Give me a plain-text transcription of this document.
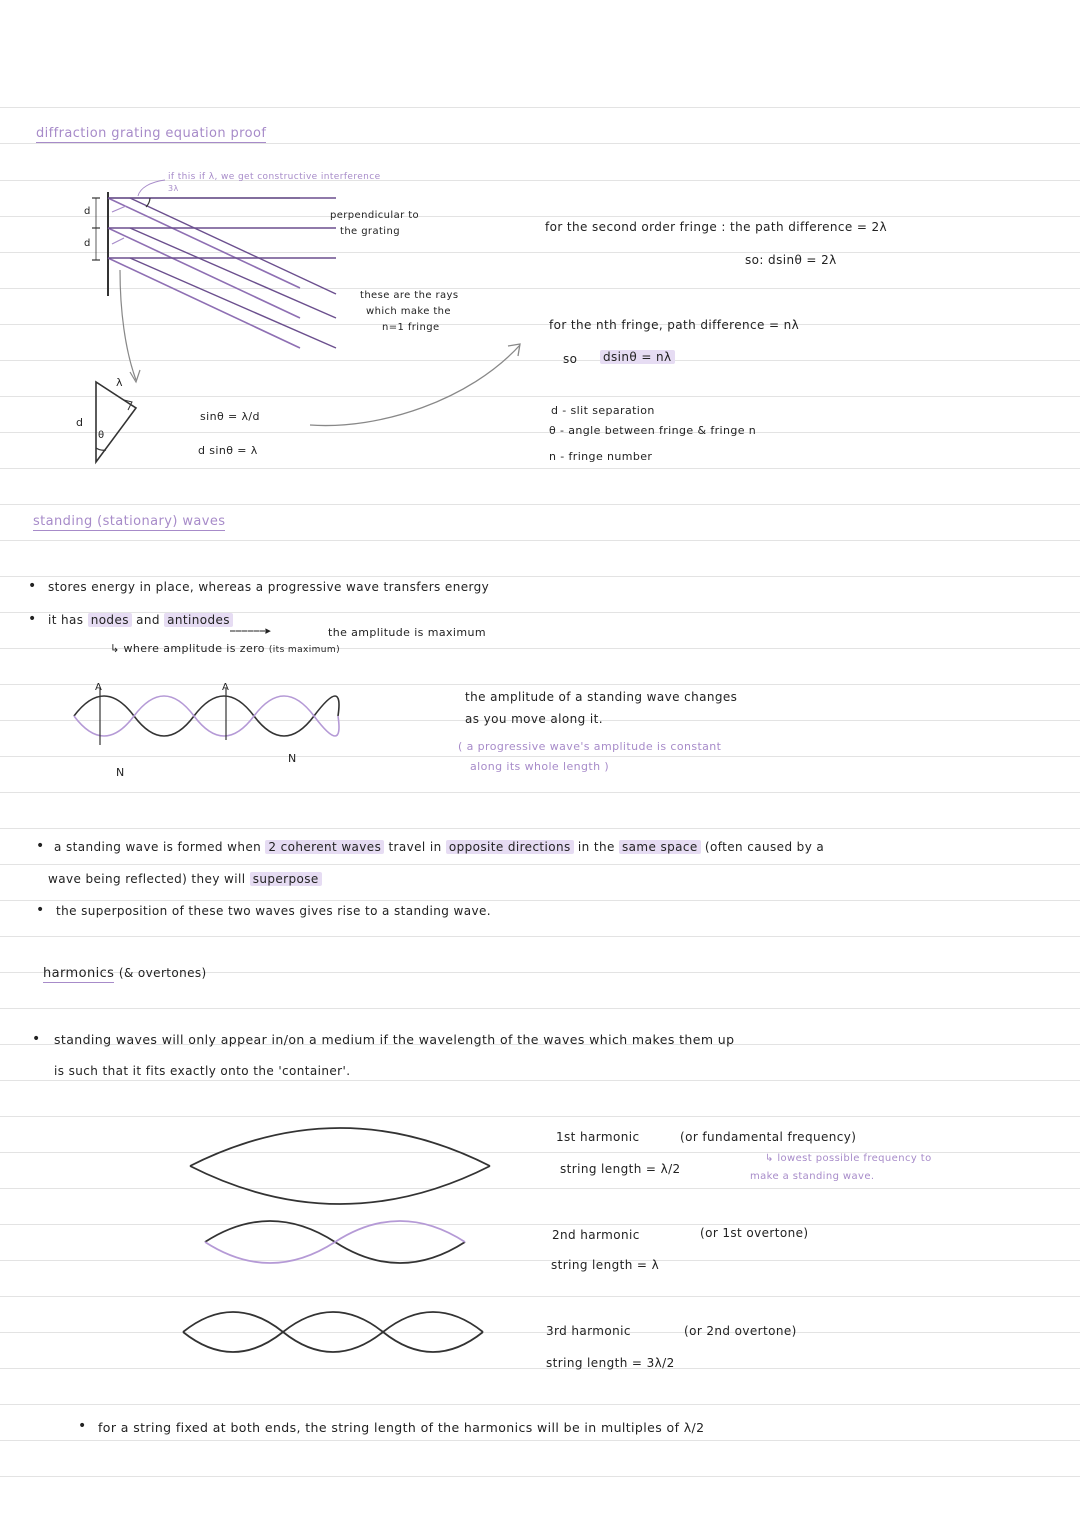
diffraction grating equation proof
if this if λ, we get constructive interference
3λ
d
d
perpendicular to
the grating
these are the rays
which make the
n=1 fringe
for the second order fringe : the path difference = 2λ
so: dsinθ = 2λ
for the nth fringe, path difference = nλ
so dsinθ = nλ
d - slit separation
θ - angle between fringe & fringe n
n - fringe number
λ
d
θ
sinθ = λ/d
d sinθ = λ
standing (stationary) waves
• stores energy in place, whereas a progressive wave transfers energy
• it has nodes and antinodes
⎯⎯⎯⎯⎯⎯▸	the amplitude is maximum
↳ where amplitude is zero (its maximum)
A	A
N
N
the amplitude of a standing wave changes
as you move along it.
( a progressive wave's amplitude is constant
along its whole length )
• a standing wave is formed when 2 coherent waves travel in opposite directions in the same space (often caused by a
wave being reflected) they will superpose
• the superposition of these two waves gives rise to a standing wave.
harmonics (& overtones)
• standing waves will only appear in/on a medium if the wavelength of the waves which makes them up
is such that it fits exactly onto the 'container'.
1st harmonic	(or fundamental frequency)
↳ lowest possible frequency to
make a standing wave.
string length = λ/2
2nd harmonic	(or 1st overtone)
string length = λ
3rd harmonic	(or 2nd overtone)
string length = 3λ/2
• for a string fixed at both ends, the string length of the harmonics will be in multiples of λ/2
